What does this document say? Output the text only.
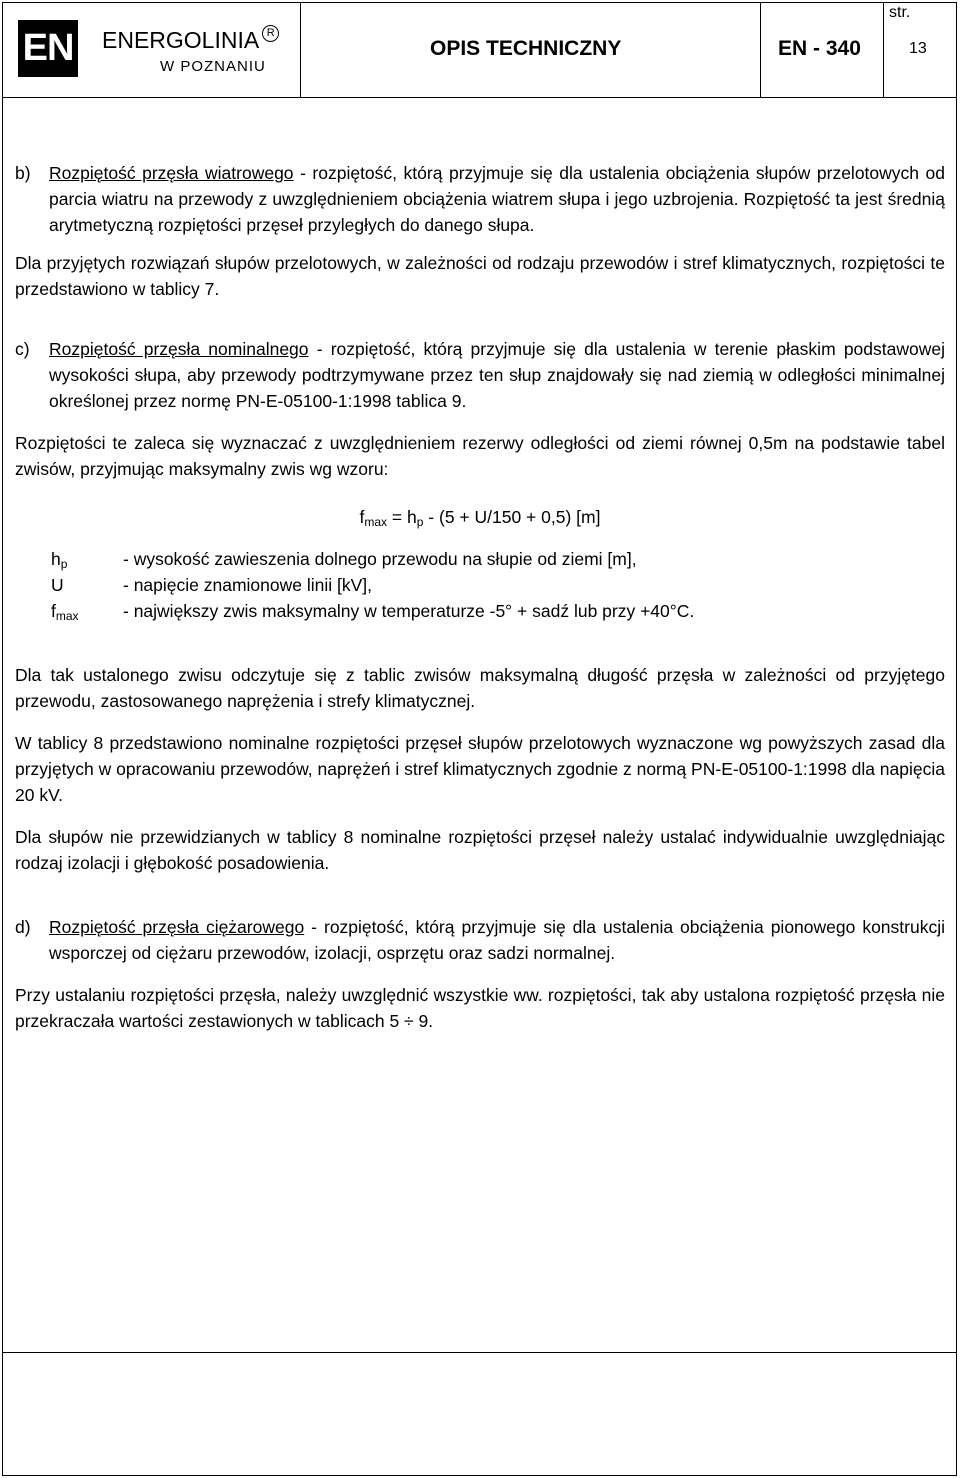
EN ENERGOLINIA R
W POZNANIU
OPIS TECHNICZNY	EN - 340
str.
13
b)	Rozpiętość przęsła wiatrowego - rozpiętość, którą przyjmuje się dla ustalenia obciążenia słupów przelotowych od parcia wiatru na przewody z uwzględnieniem obciążenia wiatrem słupa i jego uzbrojenia. Rozpiętość ta jest średnią arytmetyczną rozpiętości przęseł przyległych do danego słupa.

Dla przyjętych rozwiązań słupów przelotowych, w zależności od rodzaju przewodów i stref klimatycznych, rozpiętości te przedstawiono w tablicy 7.

c)	Rozpiętość przęsła nominalnego - rozpiętość, którą przyjmuje się dla ustalenia w terenie płaskim podstawowej wysokości słupa, aby przewody podtrzymywane przez ten słup znajdowały się nad ziemią w odległości minimalnej określonej przez normę PN-E-05100-1:1998 tablica 9.

Rozpiętości te zaleca się wyznaczać z uwzględnieniem rezerwy odległości od ziemi równej 0,5m na podstawie tabel zwisów, przyjmując maksymalny zwis wg wzoru:

$f_{max} = h_p - (5 + U/150 + 0,5)$ [m]

$h_p$	- wysokość zawieszenia dolnego przewodu na słupie od ziemi [m],
U	- napięcie znamionowe linii [kV],
$f_{max}$	- największy zwis maksymalny w temperaturze -5° + sadź lub przy +40°C.

Dla tak ustalonego zwisu odczytuje się z tablic zwisów maksymalną długość przęsła w zależności od przyjętego przewodu, zastosowanego naprężenia i strefy klimatycznej.

W tablicy 8 przedstawiono nominalne rozpiętości przęseł słupów przelotowych wyznaczone wg powyższych zasad dla przyjętych w opracowaniu przewodów, naprężeń i stref klimatycznych zgodnie z normą PN-E-05100-1:1998 dla napięcia 20 kV.

Dla słupów nie przewidzianych w tablicy 8 nominalne rozpiętości przęseł należy ustalać indywidualnie uwzględniając rodzaj izolacji i głębokość posadowienia.

d)	Rozpiętość przęsła ciężarowego - rozpiętość, którą przyjmuje się dla ustalenia obciążenia pionowego konstrukcji wsporczej od ciężaru przewodów, izolacji, osprzętu oraz sadzi normalnej.

Przy ustalaniu rozpiętości przęsła, należy uwzględnić wszystkie ww. rozpiętości, tak aby ustalona rozpiętość przęsła nie przekraczała wartości zestawionych w tablicach 5 ÷ 9.
